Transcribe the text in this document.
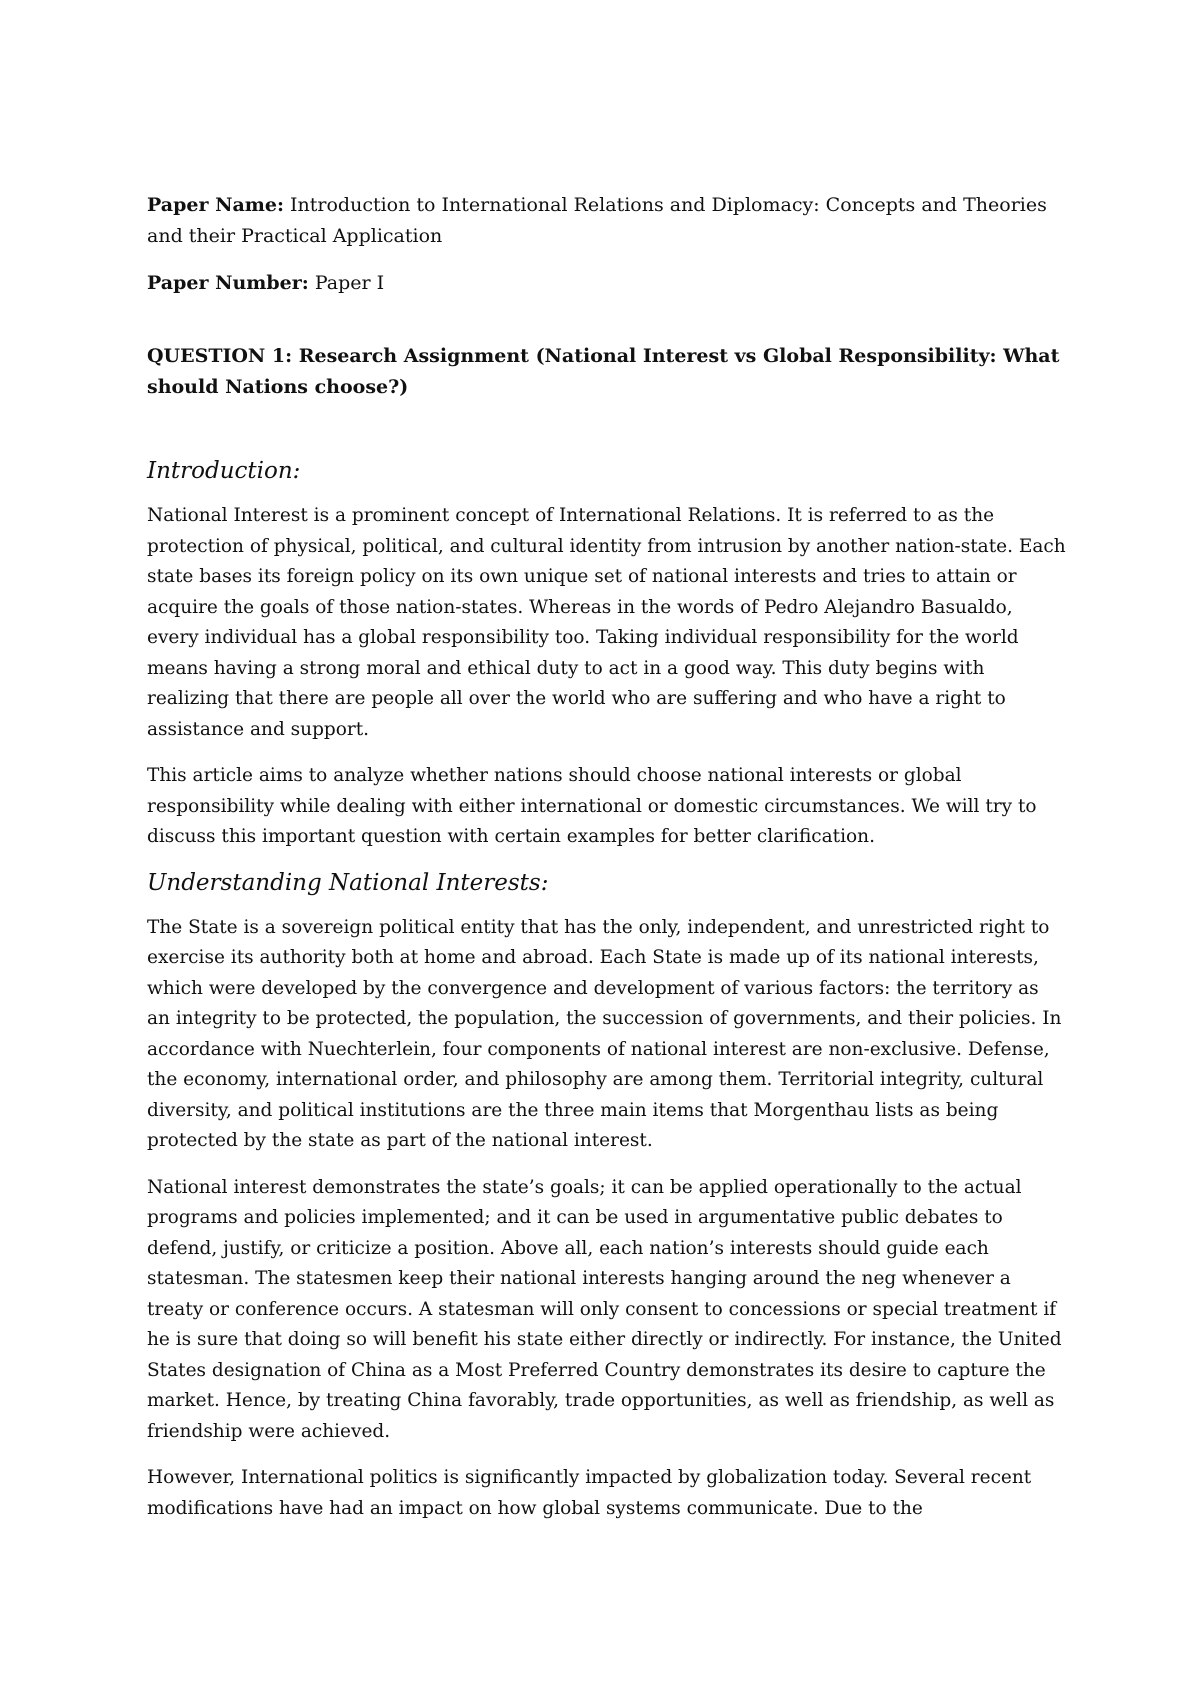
Paper Name: Introduction to International Relations and Diplomacy: Concepts and Theories and their Practical Application

Paper Number: Paper I

QUESTION 1: Research Assignment (National Interest vs Global Responsibility: What should Nations choose?)

Introduction:

National Interest is a prominent concept of International Relations. It is referred to as the protection of physical, political, and cultural identity from intrusion by another nation-state. Each state bases its foreign policy on its own unique set of national interests and tries to attain or acquire the goals of those nation-states. Whereas in the words of Pedro Alejandro Basualdo, every individual has a global responsibility too. Taking individual responsibility for the world means having a strong moral and ethical duty to act in a good way. This duty begins with realizing that there are people all over the world who are suffering and who have a right to assistance and support.

This article aims to analyze whether nations should choose national interests or global responsibility while dealing with either international or domestic circumstances. We will try to discuss this important question with certain examples for better clarification.

Understanding National Interests:

The State is a sovereign political entity that has the only, independent, and unrestricted right to exercise its authority both at home and abroad. Each State is made up of its national interests, which were developed by the convergence and development of various factors: the territory as an integrity to be protected, the population, the succession of governments, and their policies. In accordance with Nuechterlein, four components of national interest are non-exclusive. Defense, the economy, international order, and philosophy are among them. Territorial integrity, cultural diversity, and political institutions are the three main items that Morgenthau lists as being protected by the state as part of the national interest.

National interest demonstrates the state’s goals; it can be applied operationally to the actual programs and policies implemented; and it can be used in argumentative public debates to defend, justify, or criticize a position. Above all, each nation’s interests should guide each statesman. The statesmen keep their national interests hanging around the neg whenever a treaty or conference occurs. A statesman will only consent to concessions or special treatment if he is sure that doing so will benefit his state either directly or indirectly. For instance, the United States designation of China as a Most Preferred Country demonstrates its desire to capture the market. Hence, by treating China favorably, trade opportunities, as well as friendship, as well as friendship were achieved.

However, International politics is significantly impacted by globalization today. Several recent modifications have had an impact on how global systems communicate. Due to the
